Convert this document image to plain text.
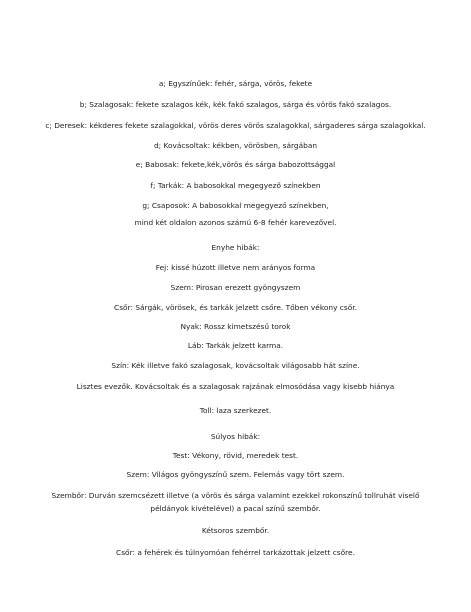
a; Egyszínűek: fehér, sárga, vörös, fekete
b; Szalagosak: fekete szalagos kék, kék fakó szalagos, sárga és vörös fakó szalagos.
c; Deresek: kékderes fekete szalagokkal, vörös deres vörös szalagokkal, sárgaderes sárga szalagokkal.
d; Kovácsoltak: kékben, vörösben, sárgában
e; Babosak: fekete,kék,vörös és sárga babozottsággal
f; Tarkák: A babosokkal megegyező színekben
g; Csaposok: A babosokkal megegyező színekben,
mind két oldalon azonos számú 6-8 fehér karevezővel.
Enyhe hibák:
Fej: kissé húzott illetve nem arányos forma
Szem: Pirosan erezett gyöngyszem
Csőr: Sárgák, vörösek, és tarkák jelzett csőre. Tőben vékony csőr.
Nyak: Rossz kimetszésű torok
Láb: Tarkák jelzett karma.
Szín: Kék illetve fakó szalagosak, kovácsoltak világosabb hát színe.
Lisztes evezők. Kovácsoltak és a szalagosak rajzának elmosódása vagy kisebb hiánya
Toll: laza szerkezet.
Súlyos hibák:
Test: Vékony, rövid, meredek test.
Szem: Világos gyöngyszínű szem. Felemás vagy tört szem.
Szembőr: Durván szemcsézett illetve (a vörös és sárga valamint ezekkel rokonszínű tollruhát viselő
példányok kivételével) a pacal színű szembőr.
Kétsoros szembőr.
Csőr: a fehérek és túlnyomóan fehérrel tarkázottak jelzett csőre.
